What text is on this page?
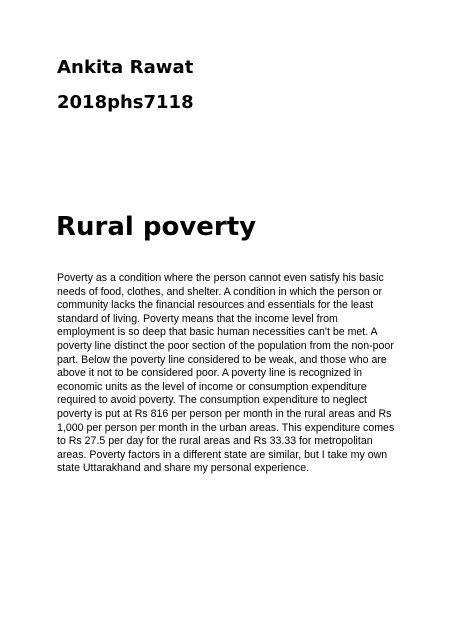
Ankita Rawat

2018phs7118

Rural poverty
Poverty as a condition where the person cannot even satisfy his basic
needs of food, clothes, and shelter. A condition in which the person or
community lacks the financial resources and essentials for the least
standard of living. Poverty means that the income level from
employment is so deep that basic human necessities can't be met. A
poverty line distinct the poor section of the population from the non-poor
part. Below the poverty line considered to be weak, and those who are
above it not to be considered poor. A poverty line is recognized in
economic units as the level of income or consumption expenditure
required to avoid poverty. The consumption expenditure to neglect
poverty is put at Rs 816 per person per month in the rural areas and Rs
1,000 per person per month in the urban areas. This expenditure comes
to Rs 27.5 per day for the rural areas and Rs 33.33 for metropolitan
areas. Poverty factors in a different state are similar, but I take my own
state Uttarakhand and share my personal experience.
